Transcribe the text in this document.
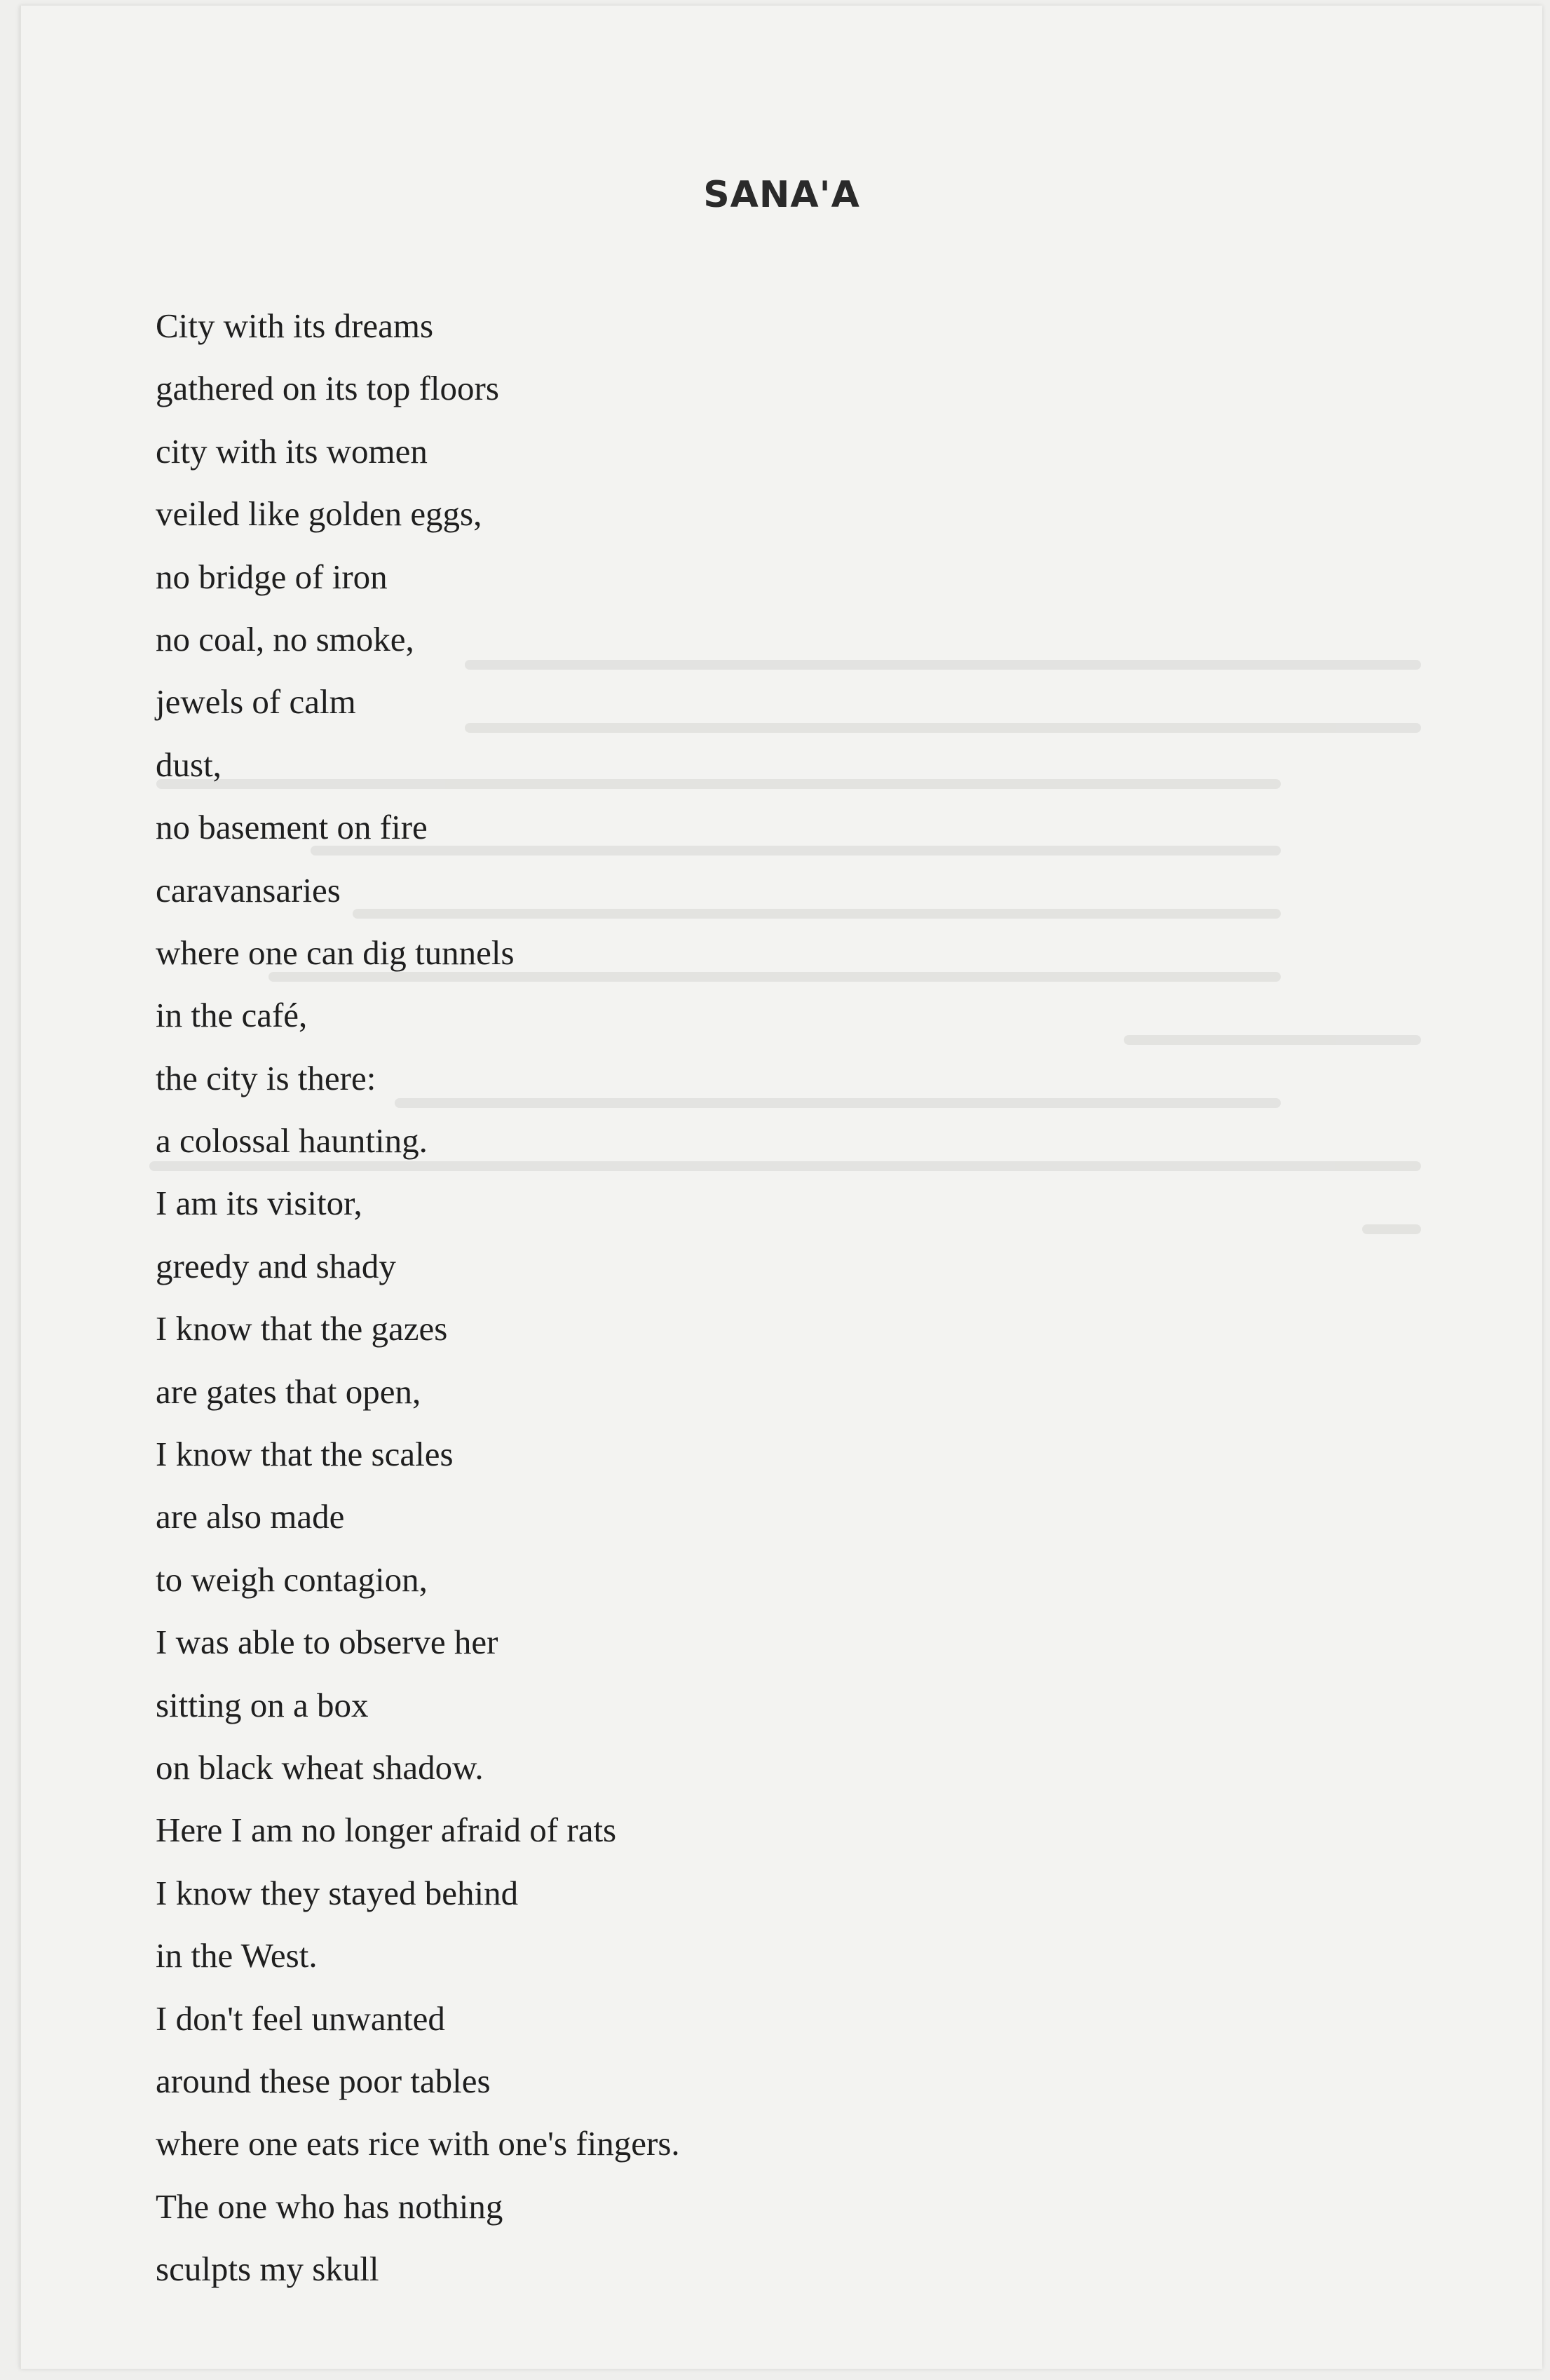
SANA'A
City with its dreams
gathered on its top floors
city with its women
veiled like golden eggs,
no bridge of iron
no coal, no smoke,
jewels of calm
dust,
no basement on fire
caravansaries
where one can dig tunnels
in the café,
the city is there:
a colossal haunting.
I am its visitor,
greedy and shady
I know that the gazes
are gates that open,
I know that the scales
are also made
to weigh contagion,
I was able to observe her
sitting on a box
on black wheat shadow.
Here I am no longer afraid of rats
I know they stayed behind
in the West.
I don't feel unwanted
around these poor tables
where one eats rice with one's fingers.
The one who has nothing
sculpts my skull
